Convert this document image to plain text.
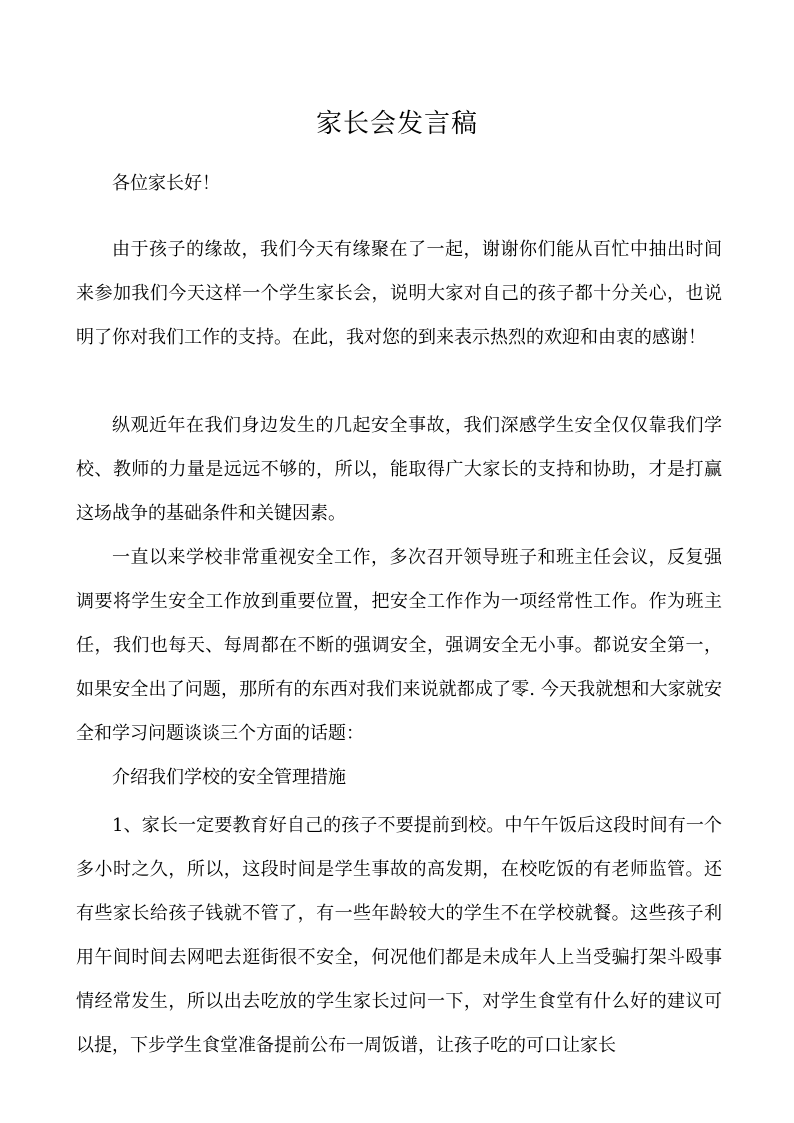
家长会发言稿
各位家长好！
由于孩子的缘故，我们今天有缘聚在了一起，谢谢你们能从百忙中抽出时间来参加我们今天这样一个学生家长会，说明大家对自己的孩子都十分关心，也说明了你对我们工作的支持。在此，我对您的到来表示热烈的欢迎和由衷的感谢！
纵观近年在我们身边发生的几起安全事故，我们深感学生安全仅仅靠我们学校、教师的力量是远远不够的，所以，能取得广大家长的支持和协助，才是打赢这场战争的基础条件和关键因素。
一直以来学校非常重视安全工作，多次召开领导班子和班主任会议，反复强调要将学生安全工作放到重要位置，把安全工作作为一项经常性工作。作为班主任，我们也每天、每周都在不断的强调安全，强调安全无小事。都说安全第一，如果安全出了问题，那所有的东西对我们来说就都成了零. 今天我就想和大家就安全和学习问题谈谈三个方面的话题：
介绍我们学校的安全管理措施
1、家长一定要教育好自己的孩子不要提前到校。中午午饭后这段时间有一个多小时之久，所以，这段时间是学生事故的高发期，在校吃饭的有老师监管。还有些家长给孩子钱就不管了，有一些年龄较大的学生不在学校就餐。这些孩子利用午间时间去网吧去逛街很不安全，何况他们都是未成年人上当受骗打架斗殴事情经常发生，所以出去吃放的学生家长过问一下，对学生食堂有什么好的建议可以提，下步学生食堂准备提前公布一周饭谱，让孩子吃的可口让家长
